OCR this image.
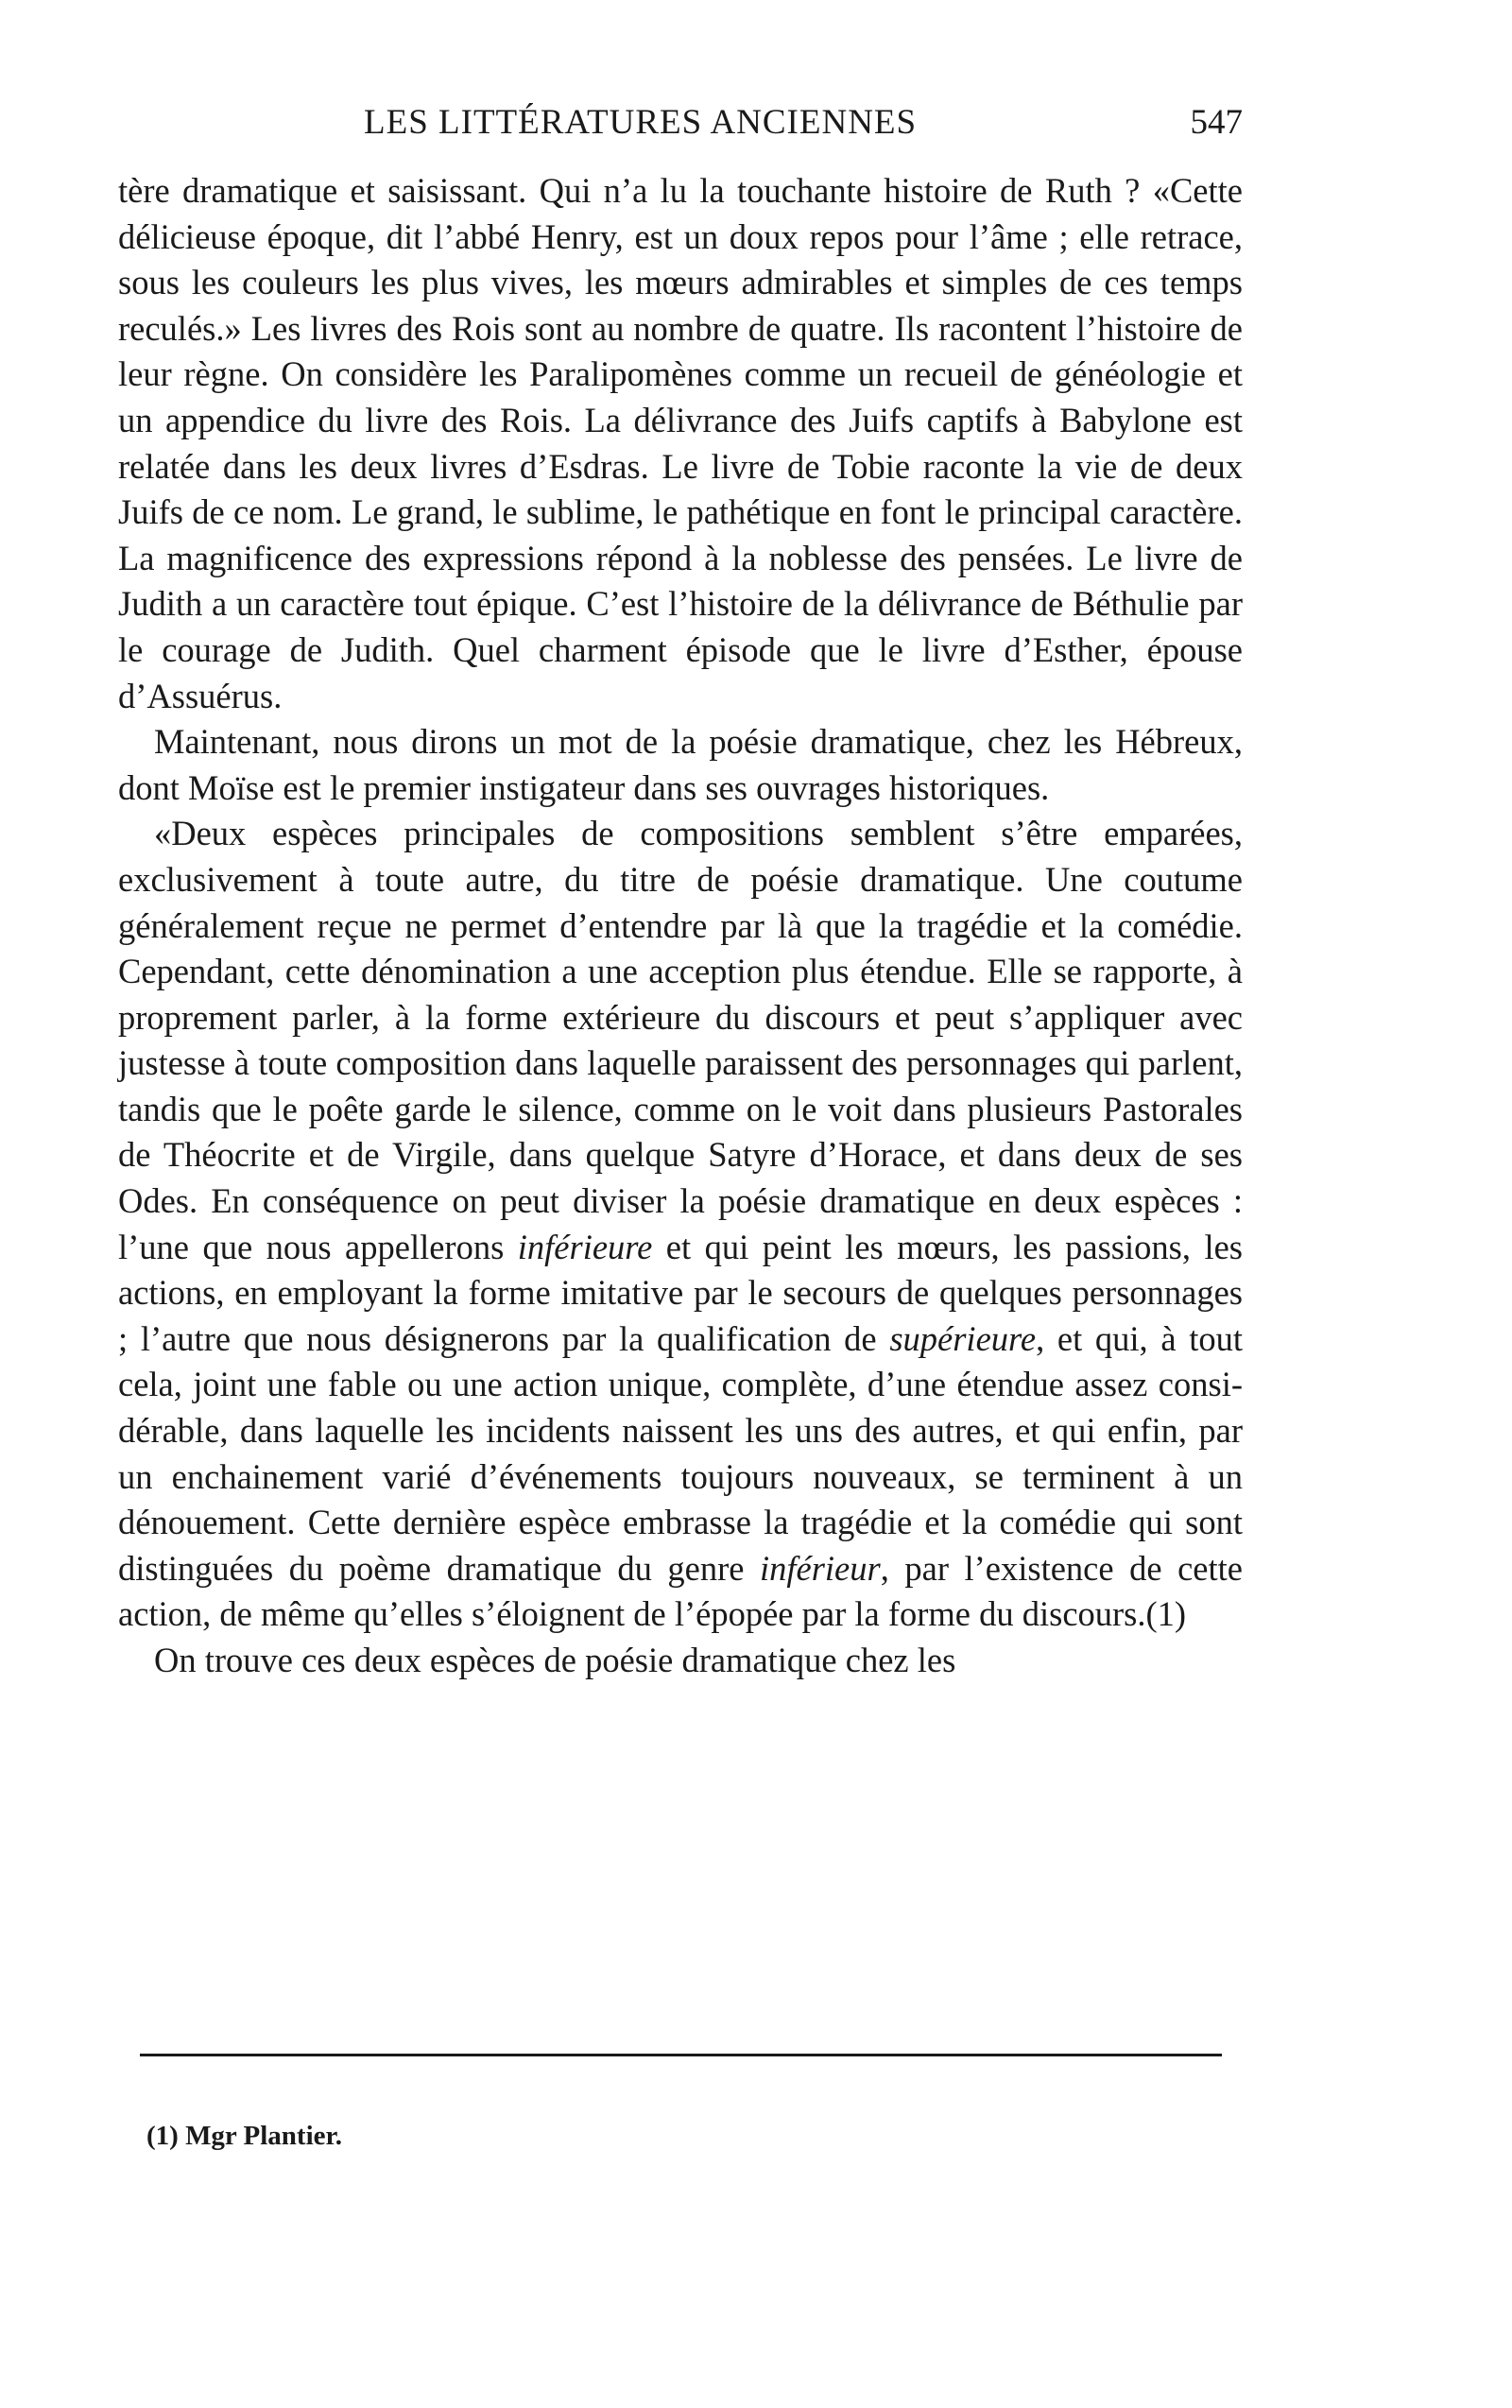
LES LITTÉRATURES ANCIENNES	547

tère dramatique et saisissant. Qui n’a lu la touchante histoire de Ruth ? «Cette délicieuse époque, dit l’abbé Henry, est un doux repos pour l’âme ; elle retrace, sous les couleurs les plus vives, les mœurs admirables et simples de ces temps reculés.» Les livres des Rois sont au nombre de quatre. Ils racontent l’histoire de leur règne. On considère les Paralipomènes comme un recueil de généologie et un appendice du livre des Rois. La délivrance des Juifs captifs à Babylone est relatée dans les deux livres d’Esdras. Le livre de Tobie raconte la vie de deux Juifs de ce nom. Le grand, le sublime, le pathétique en font le principal caractère. La magnificence des expressions répond à la noblesse des pensées. Le livre de Judith a un caractère tout épique. C’est l’histoire de la délivrance de Béthulie par le courage de Judith. Quel charment épisode que le livre d’Esther, épouse d’Assuérus.

Maintenant, nous dirons un mot de la poésie dramatique, chez les Hébreux, dont Moïse est le premier instigateur dans ses ouvrages historiques.

«Deux espèces principales de compositions semblent s’être emparées, exclusivement à toute autre, du titre de poésie dramatique. Une coutume généralement reçue ne permet d’entendre par là que la tragédie et la comédie. Cependant, cette dénomination a une acception plus étendue. Elle se rapporte, à proprement parler, à la forme extérieure du discours et peut s’appliquer avec justesse à toute composition dans laquelle paraissent des personnages qui parlent, tandis que le poête garde le silence, comme on le voit dans plusieurs Pastorales de Théocrite et de Virgile, dans quelque Satyre d’Horace, et dans deux de ses Odes. En conséquence on peut diviser la poésie dramatique en deux espèces : l’une que nous appellerons inférieure et qui peint les mœurs, les passions, les actions, en employant la forme imitative par le secours de quelques personnages ; l’autre que nous désignerons par la qualification de supérieure, et qui, à tout cela, joint une fable ou une action unique, complète, d’une étendue assez considérable, dans laquelle les incidents naissent les uns des autres, et qui enfin, par un enchainement varié d’événements toujours nouveaux, se terminent à un dénouement. Cette dernière espèce embrasse la tragédie et la comédie qui sont distinguées du poème dramatique du genre inférieur, par l’existence de cette action, de même qu’elles s’éloignent de l’épopée par la forme du discours.(1)

On trouve ces deux espèces de poésie dramatique chez les

(1) Mgr Plantier.
